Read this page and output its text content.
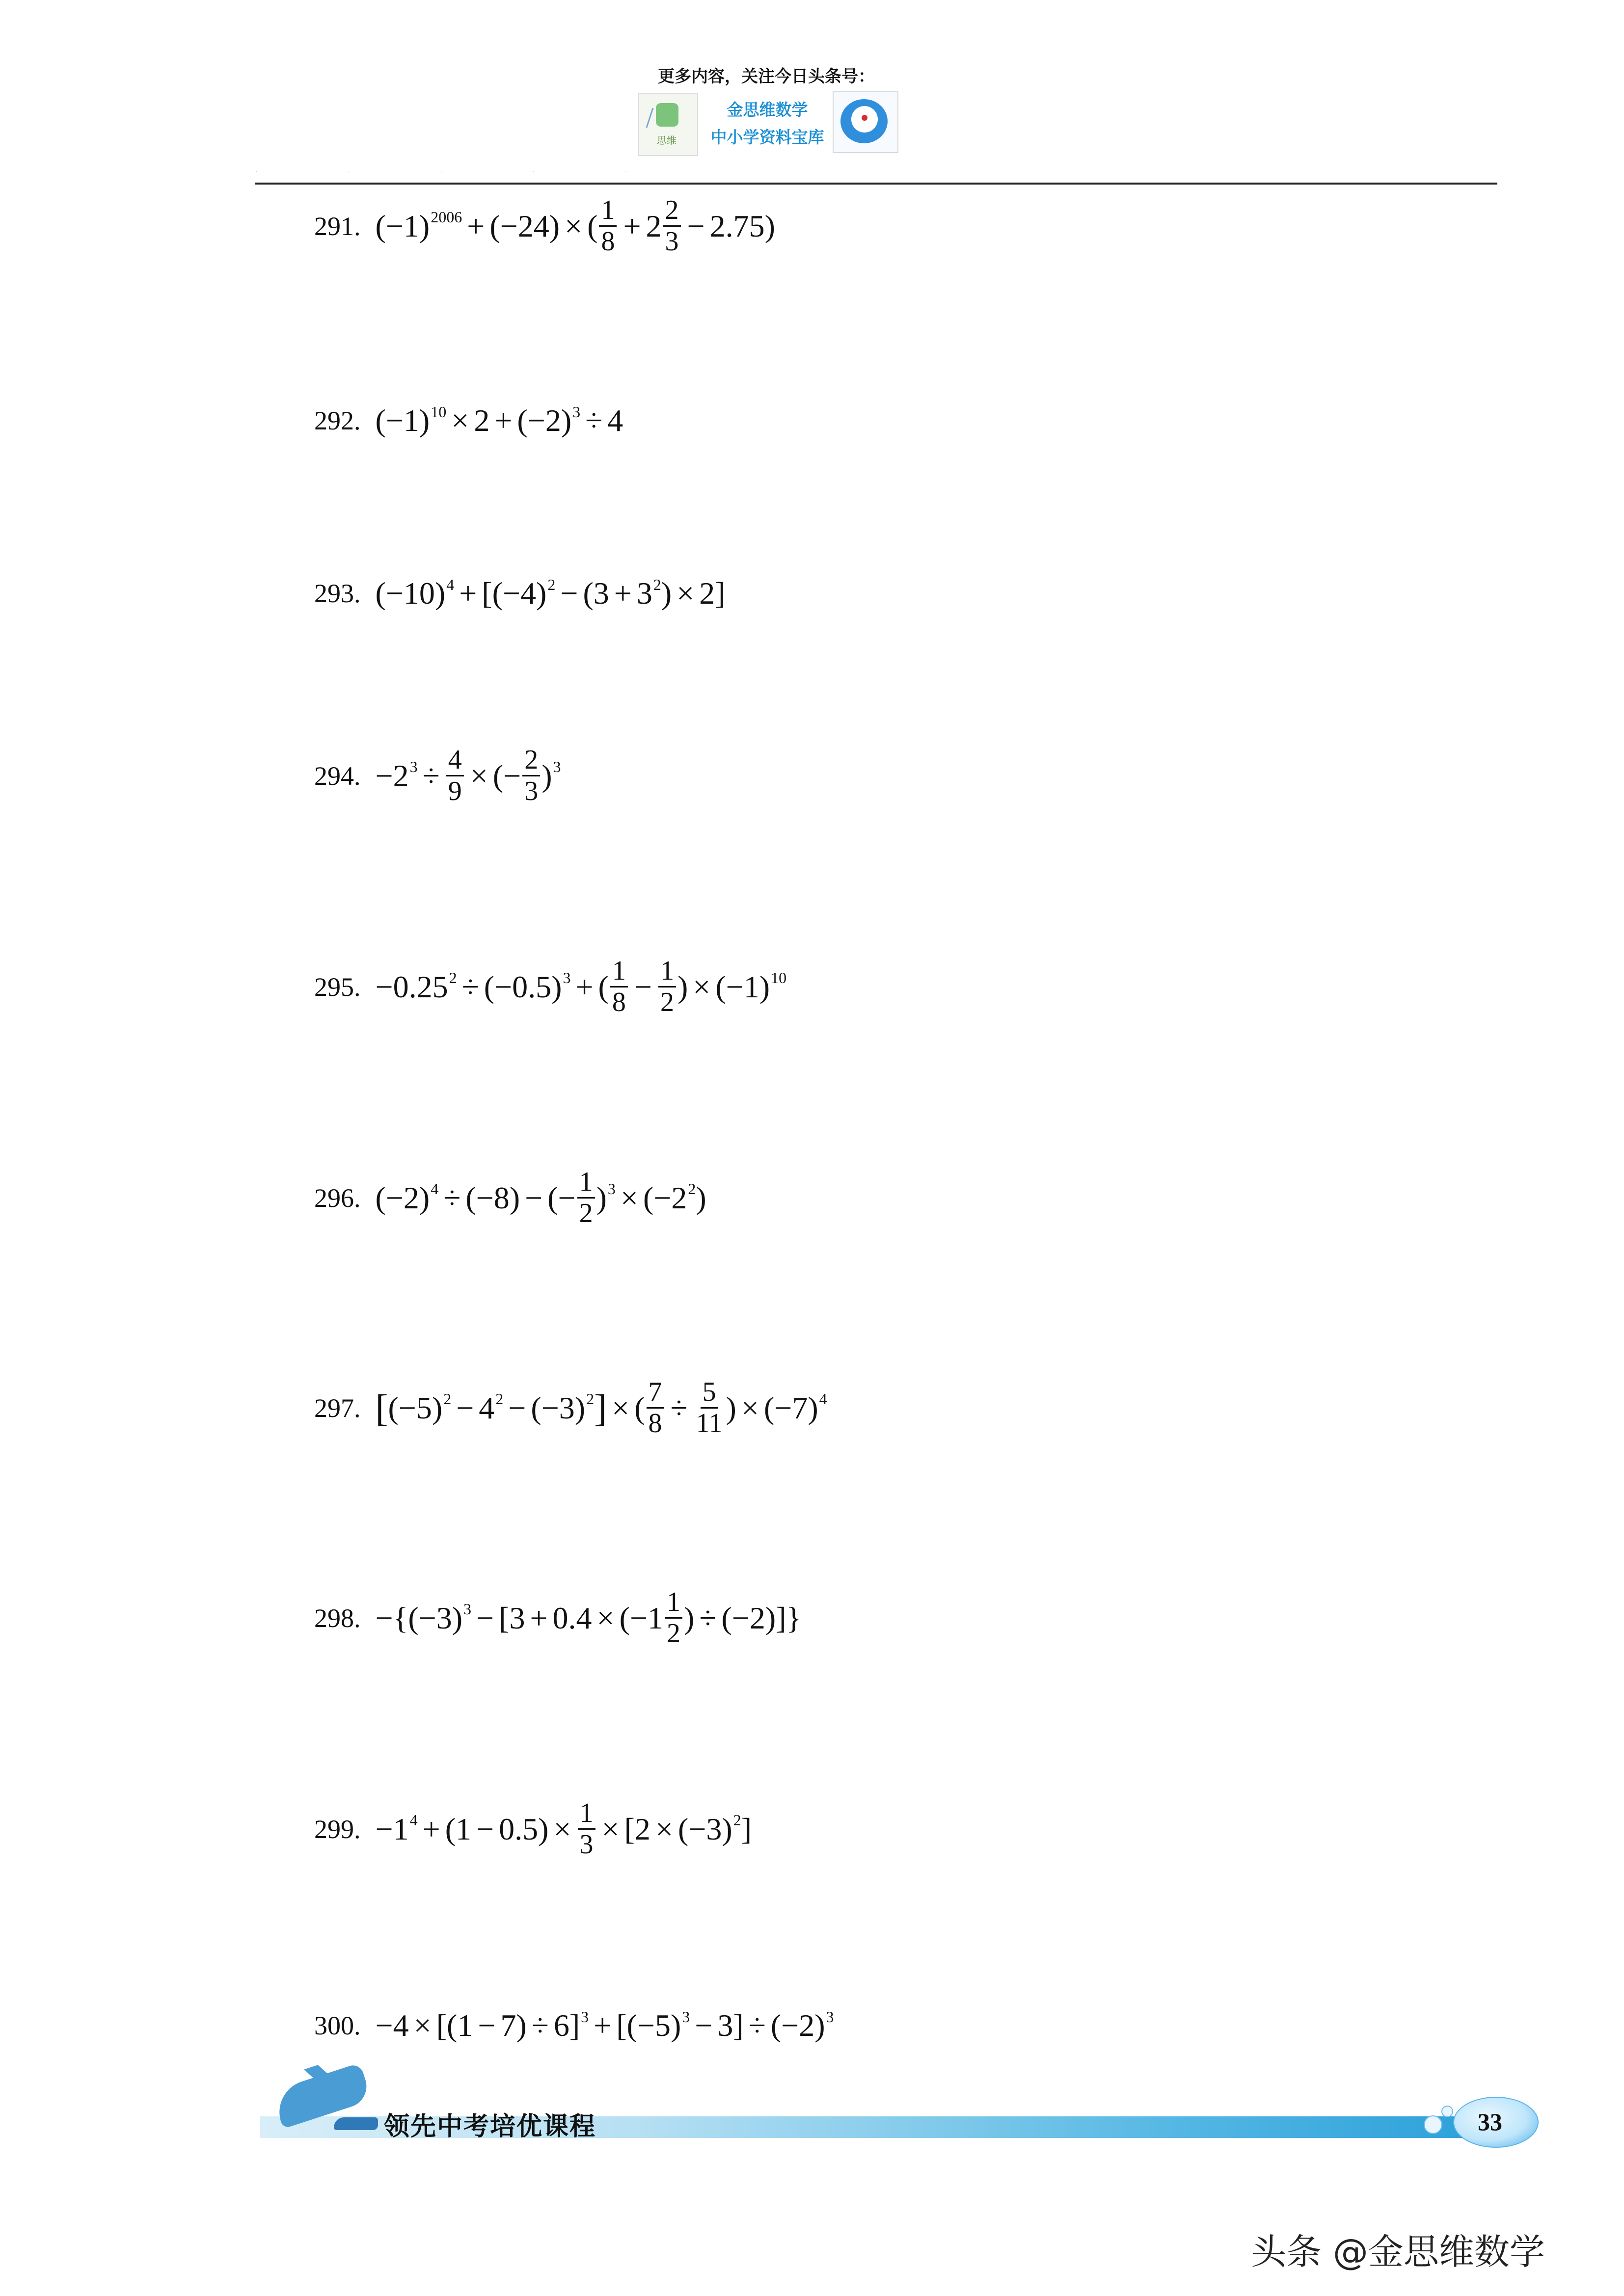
更多内容，关注今日头条号：
思维
金思维数学
中小学资料宝库
· · · · ·
291. $(-1)^{2006} + (-24)$ × ( $\frac{1}{8} + 2 \frac{2}{3} - 2.75$)
292. $(-1)^{10} \times 2 + (-2)^3 \div 4$
293. $(-10)^4 + [(-4)^2 - (3 + 3^2) \times 2]$
294. $-2^3 \div \frac{4}{9}$ × (− $\frac{2}{3} )^3$
295. $-0.25^2 \div (-0.5)^3$ + ( $\frac{1}{8} - \frac{1}{2}$ ) × $(-1)^{10}$
296. $(-2)^4 \div (-8)$ − (− $\frac{1}{2} )^3 \times (-2^2)$
297. [ $(-5)^2 - 4^2 - (-3)^2$ ] × ( $\frac{7}{8} \div \frac{5}{11}$ ) × $(-7)^4$
298. $-\{(-3)^3 - [3 + 0.4 \times (-1 \frac{1}{2}$ ) ÷ (−2)]}
299. $-1^4 + (1 - 0.5) \times \frac{1}{3} \times [2 \times (-3)^2]$
300. $-4 \times [(1 - 7) \div 6]^3 + [(-5)^3 - 3] \div (-2)^3$
领先中考培优课程	33
头条 @金思维数学
